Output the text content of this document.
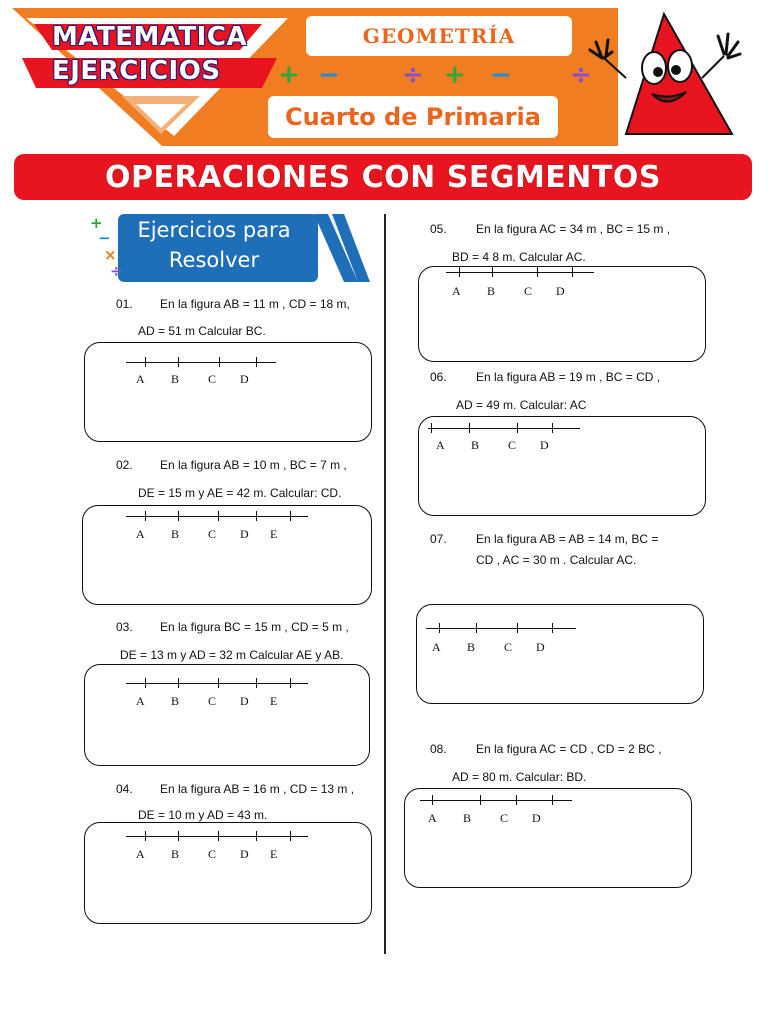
MATEMATICA
EJERCICIOS
GEOMETRÍA
Cuarto de Primaria
+ − × ÷ + − × ÷
OPERACIONES CON SEGMENTOS
Ejercicios para
Resolver
+
−
×
÷
01. En la figura AB = 11 m , CD = 18 m,
AD = 51 m Calcular BC.
A B C D
02. En la figura AB = 10 m , BC = 7 m ,
DE = 15 m y AE = 42 m. Calcular: CD.
A B C D E
03. En la figura BC = 15 m , CD = 5 m ,
DE = 13 m y AD = 32 m Calcular AE y AB.
A B C D E
04. En la figura AB = 16 m , CD = 13 m ,
DE = 10 m y AD = 43 m.
A B C D E
05. En la figura AC = 34 m , BC = 15 m ,
BD = 4 8 m. Calcular AC.
A B C D
06. En la figura AB = 19 m , BC = CD ,
AD = 49 m. Calcular: AC
A B C D
07. En la figura AB = AB = 14 m, BC =
CD , AC = 30 m . Calcular AC.
A B C D
08. En la figura AC = CD , CD = 2 BC ,
AD = 80 m. Calcular: BD.
A B C D
